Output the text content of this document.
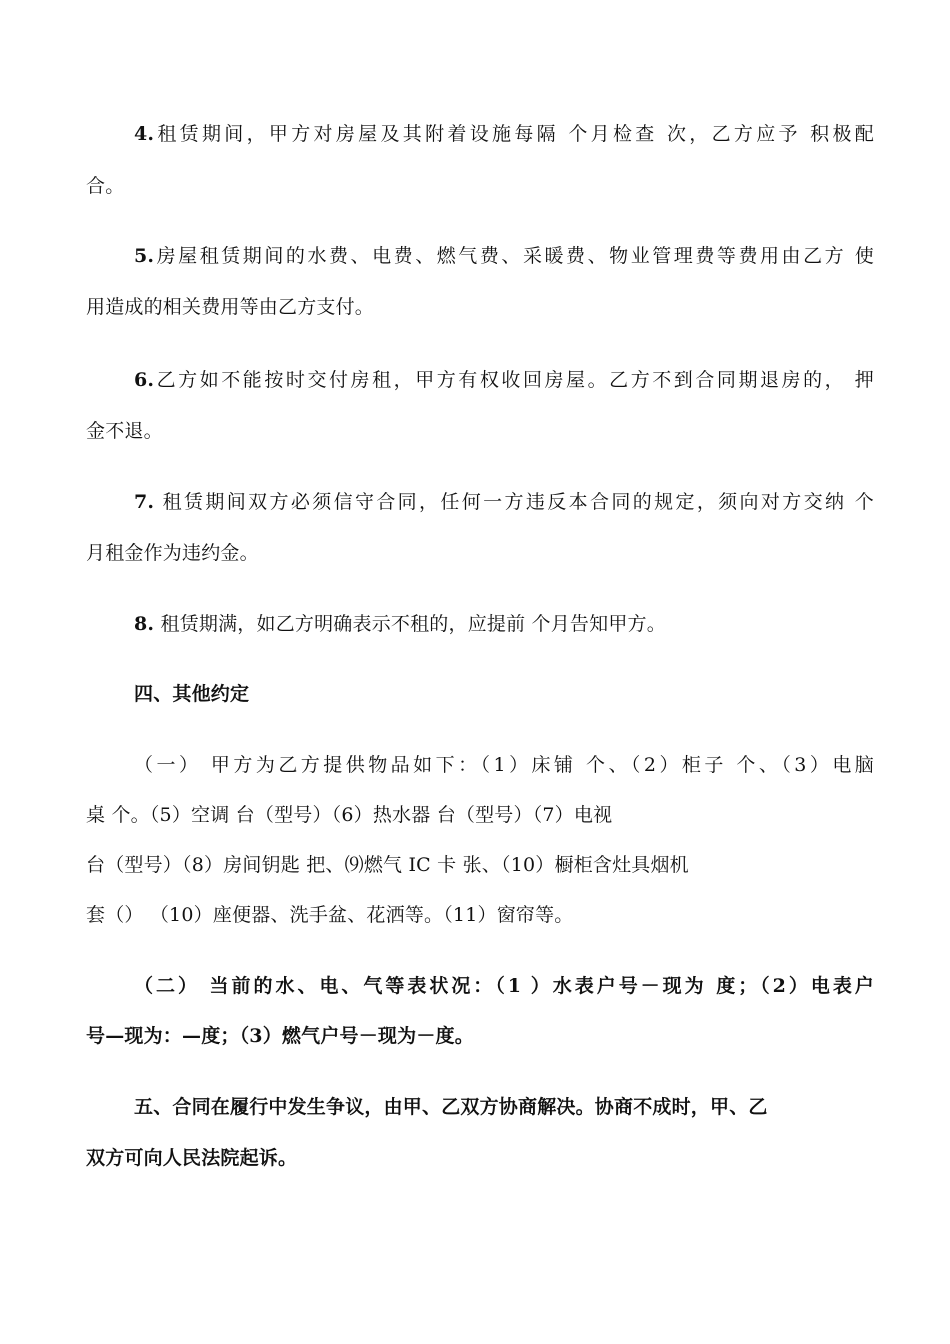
4.租赁期间，甲方对房屋及其附着设施每隔 个月检查 次，乙方应予 积极配
合。
5.房屋租赁期间的水费、电费、燃气费、采暖费、物业管理费等费用由乙方 使
用造成的相关费用等由乙方支付。
6.乙方如不能按时交付房租，甲方有权收回房屋。乙方不到合同期退房的， 押
金不退。
7. 租赁期间双方必须信守合同，任何一方违反本合同的规定，须向对方交纳 个
月租金作为违约金。
8. 租赁期满，如乙方明确表示不租的，应提前 个月告知甲方。
四、其他约定
（一） 甲方为乙方提供物品如下：（1）床铺 个、（2）柜子 个、（3）电脑
桌 个。（5）空调 台（型号）（6）热水器 台（型号）（7）电视
台（型号）（8）房间钥匙 把、⑼燃气 IC 卡 张、（10）橱柜含灶具烟机
套（） （10）座便器、洗手盆、花洒等。（11）窗帘等。
（二） 当前的水、电、气等表状况：（1 ）水表户号－现为 度；（2）电表户
号—现为：—度；（3）燃气户号－现为－度。
五、合同在履行中发生争议，由甲、乙双方协商解决。协商不成时，甲、乙
双方可向人民法院起诉。
